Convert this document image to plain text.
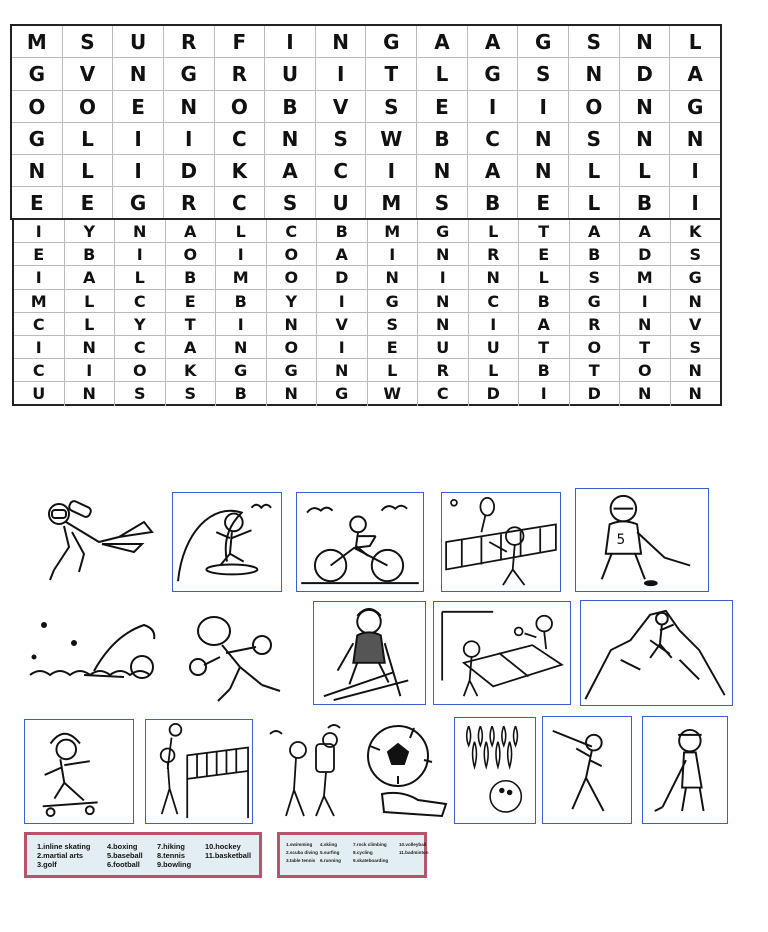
M	S	U	R	F	I	N	G	A	A	G	S	N	L
G	V	N	G	R	U	I	T	L	G	S	N	D	A
O	O	E	N	O	B	V	S	E	I	I	O	N	G
G	L	I	I	C	N	S	W	B	C	N	S	N	N
N	L	I	D	K	A	C	I	N	A	N	L	L	I
E	E	G	R	C	S	U	M	S	B	E	L	B	I
I	Y	N	A	L	C	B	M	G	L	T	A	A	K
E	B	I	O	I	O	A	I	N	R	E	B	D	S
I	A	L	B	M	O	D	N	I	N	L	S	M	G
M	L	C	E	B	Y	I	G	N	C	B	G	I	N
C	L	Y	T	I	N	V	S	N	I	A	R	N	V
I	N	C	A	N	O	I	E	U	U	T	O	T	S
C	I	O	K	G	G	N	L	R	L	B	T	O	N
U	N	S	S	B	N	G	W	C	D	I	D	N	N
5
1.inline skating	4.boxing	7.hiking	10.hockey
2.martial arts	5.baseball	8.tennis	11.basketball
3.golf	6.football	9.bowling
1.swimming	4.skiing	7.rock climbing	10.volleyball
2.scuba diving 5.surfing	8.cycling	11.badminton
3.table tennis	6.running	9.skateboarding
